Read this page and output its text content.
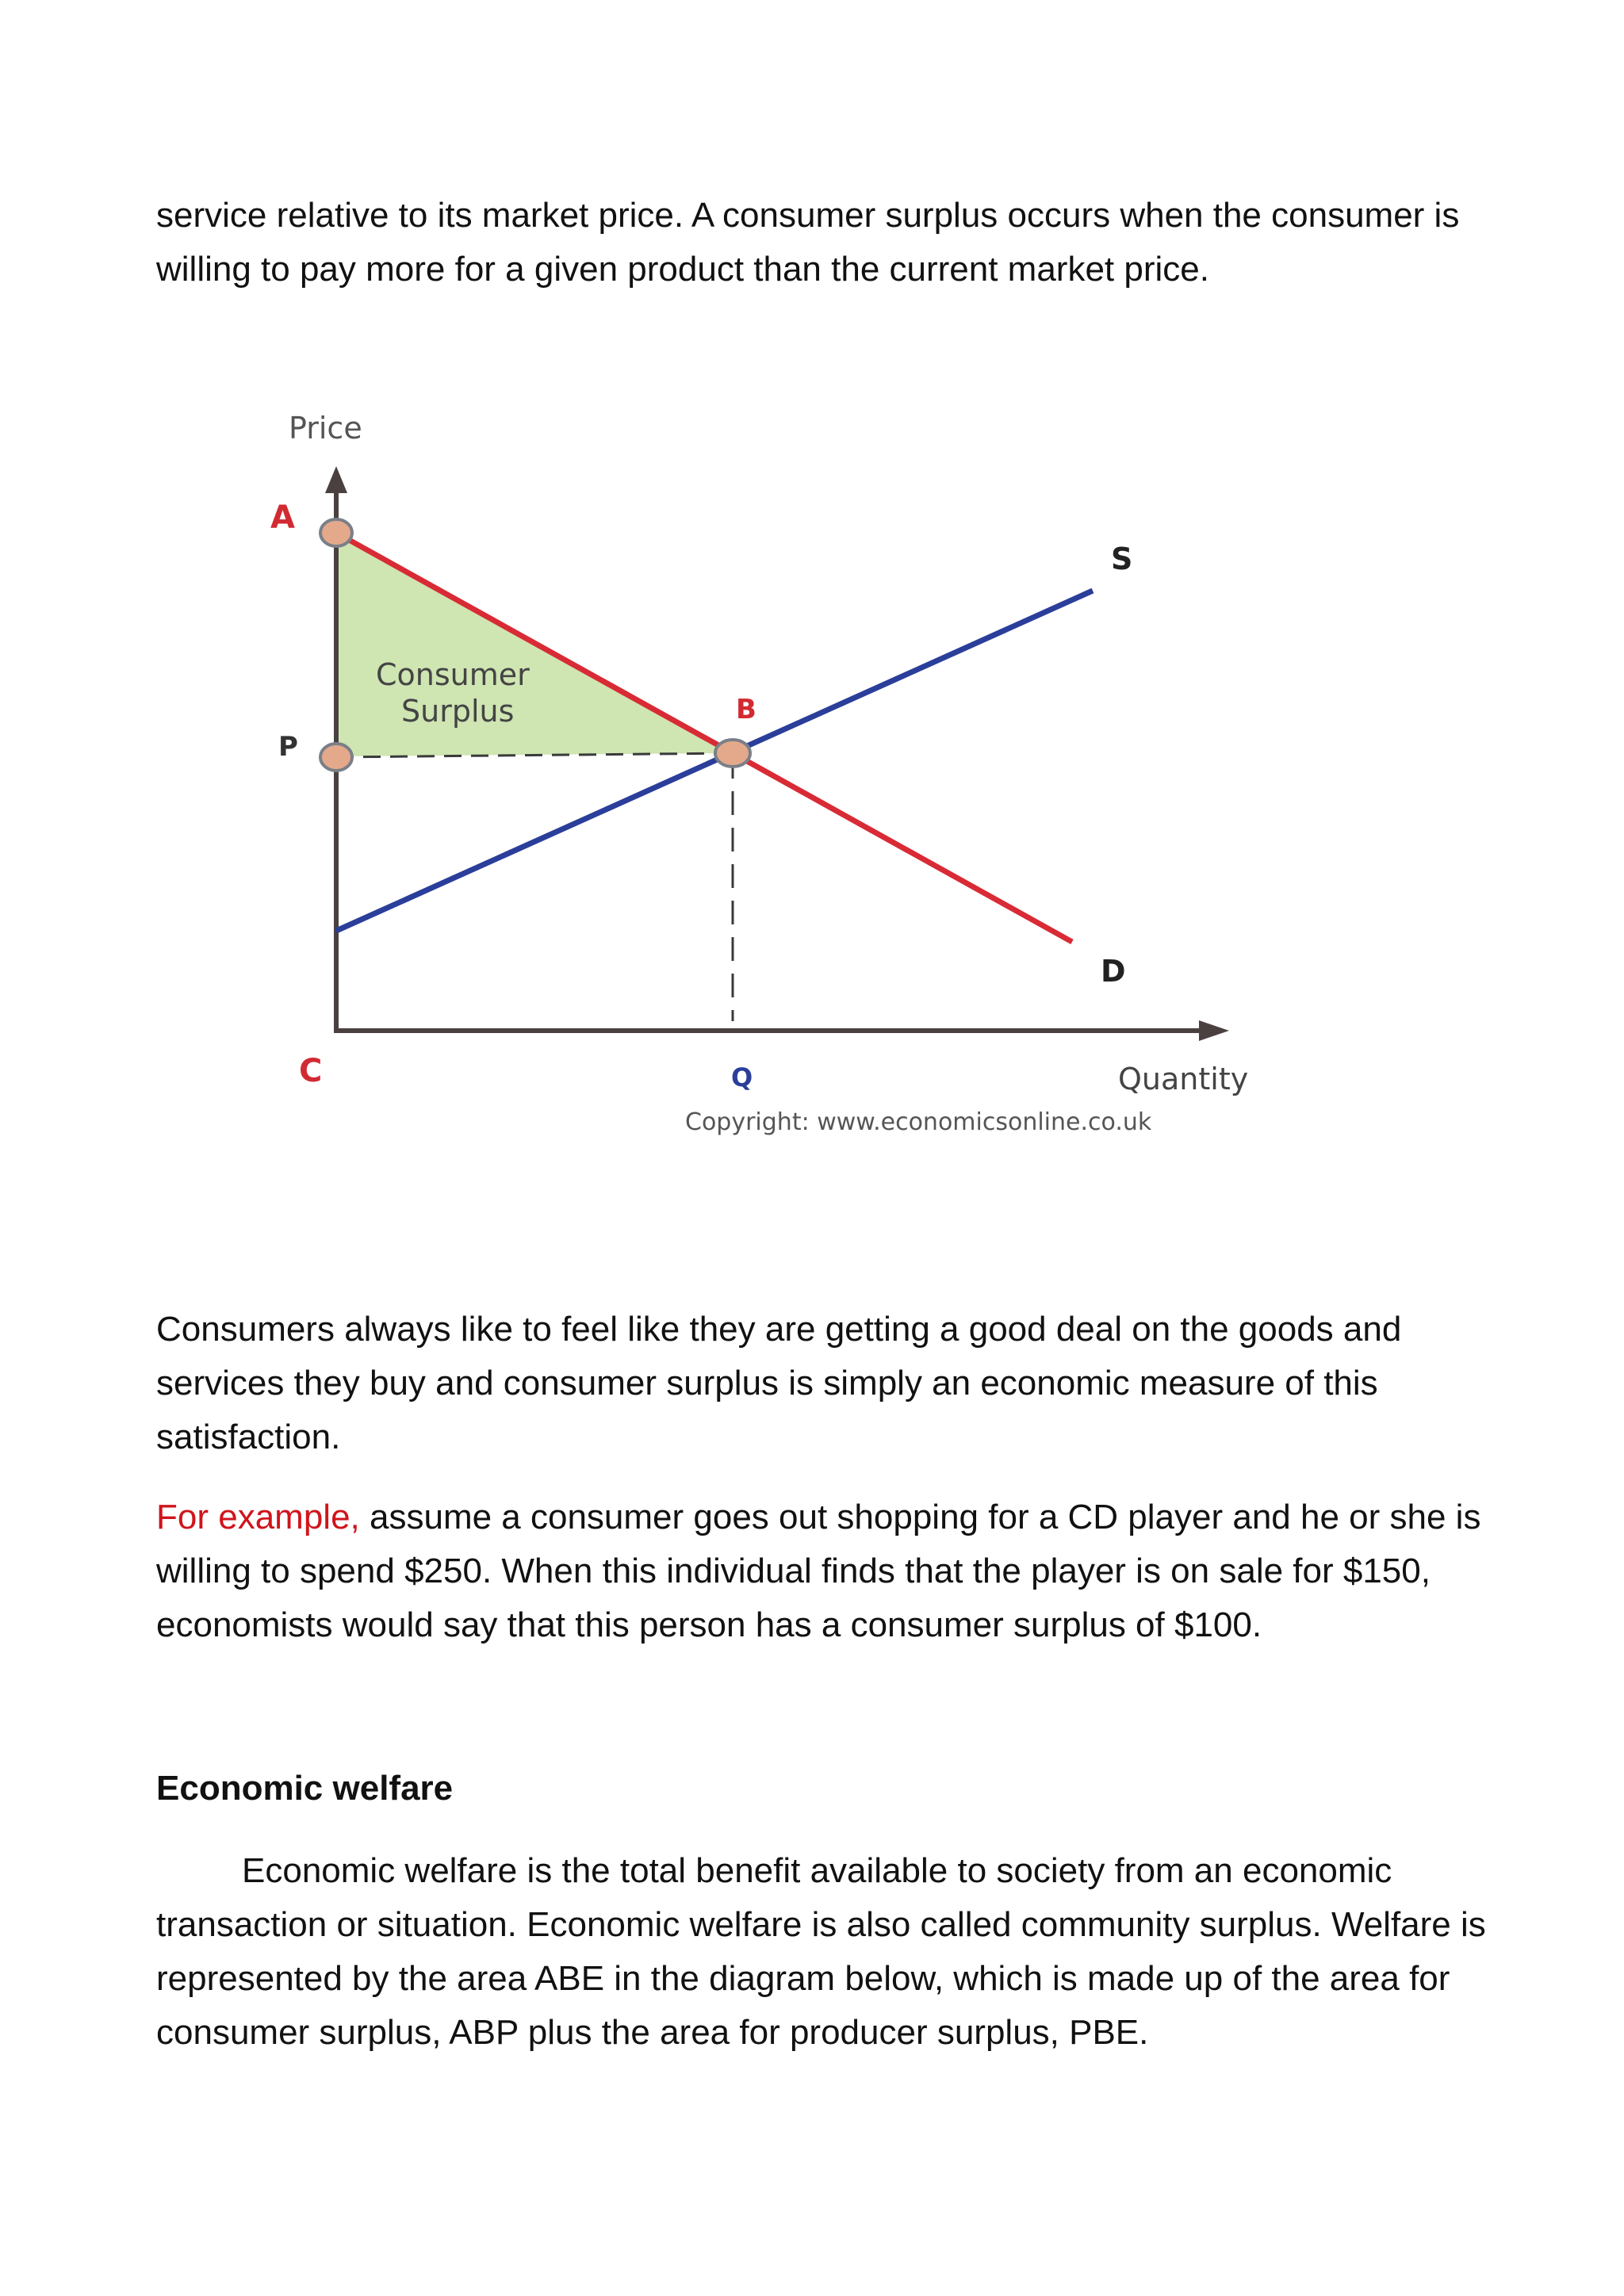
service relative to its market price. A consumer surplus occurs when the consumer is willing to pay more for a given product than the current market price.

Price
A
P
B
C	Q
S
D
Consumer
Surplus
Quantity
Copyright: www.economicsonline.co.uk

Consumers always like to feel like they are getting a good deal on the goods and services they buy and consumer surplus is simply an economic measure of this satisfaction.

For example, assume a consumer goes out shopping for a CD player and he or she is willing to spend $250. When this individual finds that the player is on sale for $150, economists would say that this person has a consumer surplus of $100.

Economic welfare

Economic welfare is the total benefit available to society from an economic transaction or situation. Economic welfare is also called community surplus. Welfare is represented by the area ABE in the diagram below, which is made up of the area for consumer surplus, ABP plus the area for producer surplus, PBE.
